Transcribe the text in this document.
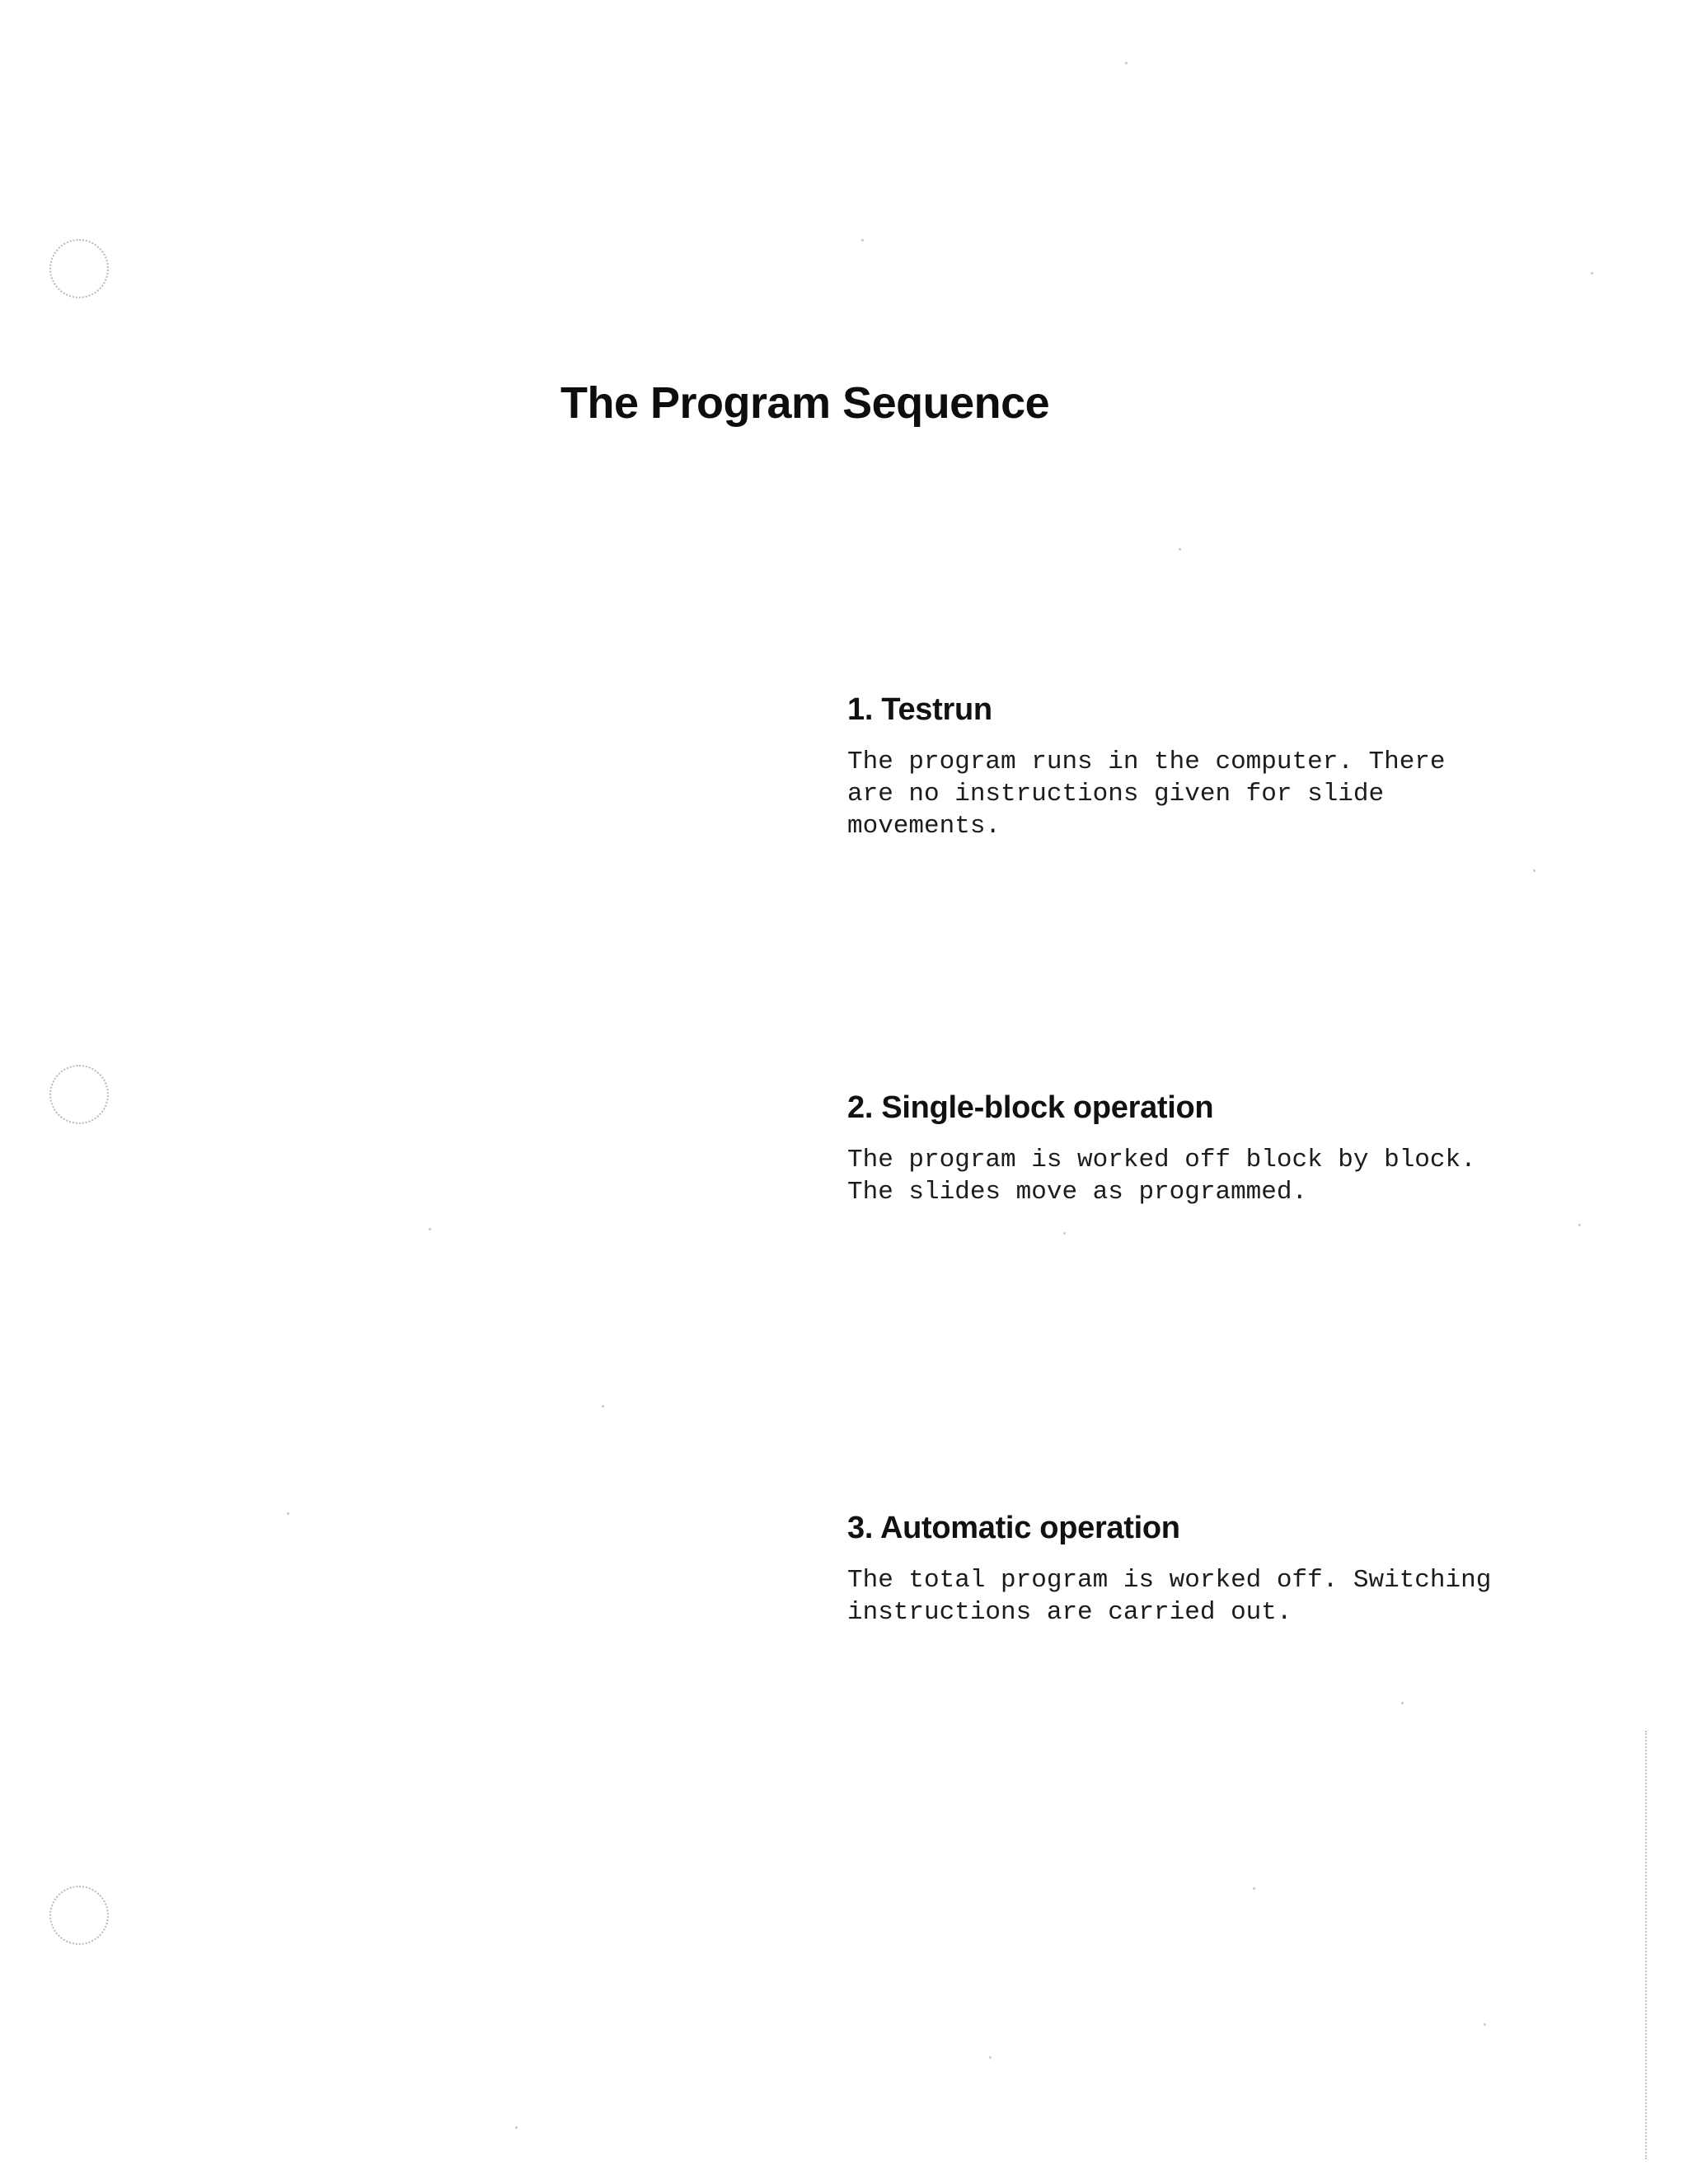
The Program Sequence
1. Testrun

The program runs in the computer. There are no instructions given for slide movements.

2. Single-block operation

The program is worked off block by block. The slides move as programmed.

3. Automatic operation

The total program is worked off. Switching instructions are carried out.
